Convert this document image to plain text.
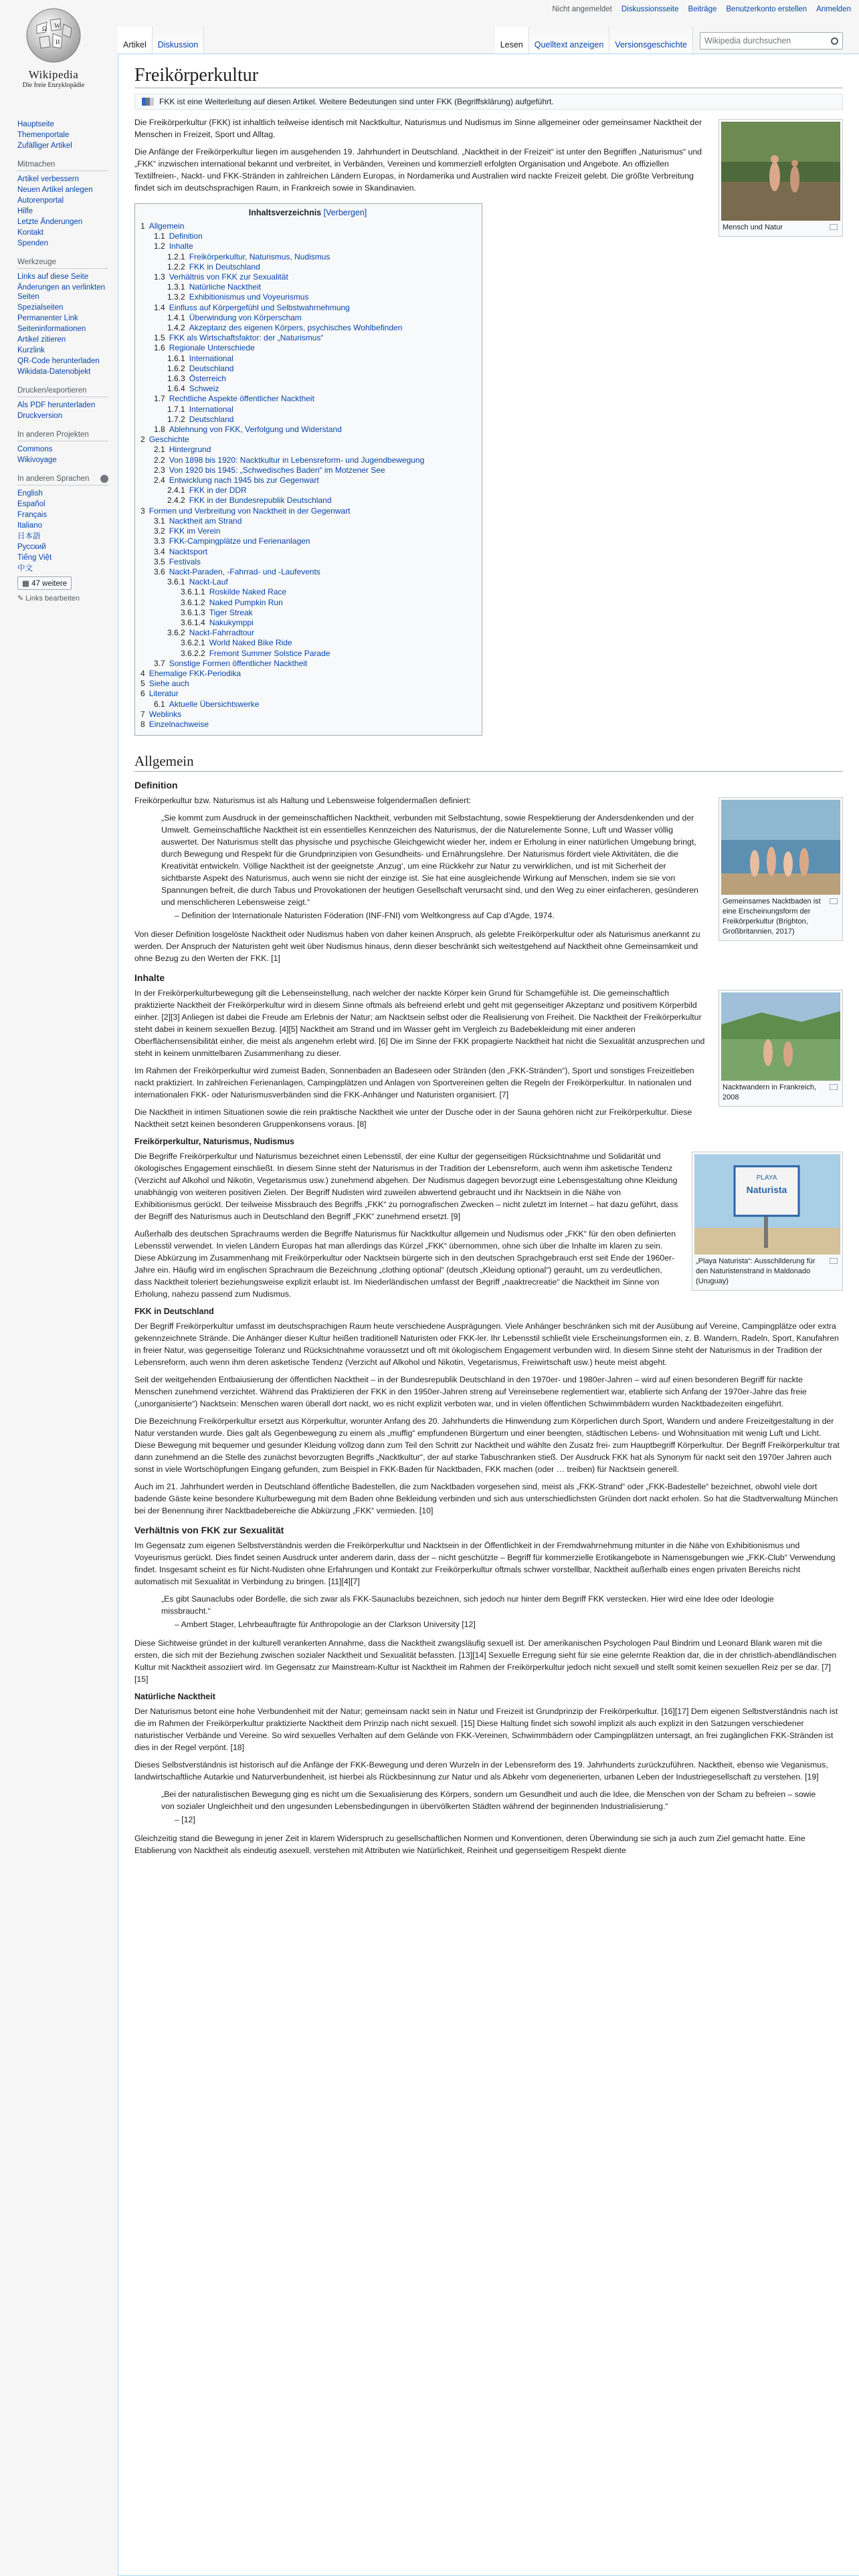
Nicht angemeldet Diskussionsseite Beiträge Benutzerkonto erstellen Anmelden
Ω W
И
Wikipedia
Die freie Enzyklopädie
Hauptseite
Themenportale
Zufälliger Artikel
Mitmachen
Artikel verbessern
Neuen Artikel anlegen
Autorenportal
Hilfe
Letzte Änderungen
Kontakt
Spenden
Werkzeuge
Links auf diese Seite
Änderungen an verlinkten Seiten
Spezialseiten
Permanenter Link
Seiteninformationen
Artikel zitieren
Kurzlink
QR-Code herunterladen
Wikidata-Datenobjekt
Drucken/exportieren
Als PDF herunterladen
Druckversion
In anderen Projekten
Commons
Wikivoyage
In anderen Sprachen
English
Español
Français
Italiano
日本語
Русский
Tiếng Việt
中文
▦ 47 weitere
✎ Links bearbeiten
Artikel	Diskussion	Lesen	Quelltext anzeigen	Versionsgeschichte	Wikipedia durchsuchen
Freikörperkultur
FKK ist eine Weiterleitung auf diesen Artikel. Weitere Bedeutungen sind unter FKK (Begriffsklärung) aufgeführt.
Mensch und Natur

Die Freikörperkultur (FKK) ist inhaltlich teilweise identisch mit Nacktkultur, Naturismus und Nudismus im Sinne allgemeiner oder gemeinsamer Nacktheit der Menschen in Freizeit, Sport und Alltag.

Die Anfänge der Freikörperkultur liegen im ausgehenden 19. Jahrhundert in Deutschland. „Nacktheit in der Freizeit“ ist unter den Begriffen „Naturismus“ und „FKK“ inzwischen international bekannt und verbreitet, in Verbänden, Vereinen und kommerziell erfolgten Organisation und Angebote. An offiziellen Textilfreien-, Nackt- und FKK-Stränden in zahlreichen Ländern Europas, in Nordamerika und Australien wird nackte Freizeit gelebt. Die größte Verbreitung findet sich im deutschsprachigen Raum, in Frankreich sowie in Skandinavien.

Inhaltsverzeichnis [Verbergen]
1 Allgemein
1.1 Definition
1.2 Inhalte
1.2.1 Freikörperkultur, Naturismus, Nudismus
1.2.2 FKK in Deutschland
1.3 Verhältnis von FKK zur Sexualität
1.3.1 Natürliche Nacktheit
1.3.2 Exhibitionismus und Voyeurismus
1.4 Einfluss auf Körpergefühl und Selbstwahrnehmung
1.4.1 Überwindung von Körperscham
1.4.2 Akzeptanz des eigenen Körpers, psychisches Wohlbefinden
1.5 FKK als Wirtschaftsfaktor: der „Naturismus“
1.6 Regionale Unterschiede
1.6.1 International
1.6.2 Deutschland
1.6.3 Österreich
1.6.4 Schweiz
1.7 Rechtliche Aspekte öffentlicher Nacktheit
1.7.1 International
1.7.2 Deutschland
1.8 Ablehnung von FKK, Verfolgung und Widerstand
2 Geschichte
2.1 Hintergrund
2.2 Von 1898 bis 1920: Nacktkultur in Lebensreform- und Jugendbewegung
2.3 Von 1920 bis 1945: „Schwedisches Baden“ im Motzener See
2.4 Entwicklung nach 1945 bis zur Gegenwart
2.4.1 FKK in der DDR
2.4.2 FKK in der Bundesrepublik Deutschland
3 Formen und Verbreitung von Nacktheit in der Gegenwart
3.1 Nacktheit am Strand
3.2 FKK im Verein
3.3 FKK-Campingplätze und Ferienanlagen
3.4 Nacktsport
3.5 Festivals
3.6 Nackt-Paraden, -Fahrrad- und -Laufevents
3.6.1 Nackt-Lauf
3.6.1.1 Roskilde Naked Race
3.6.1.2 Naked Pumpkin Run
3.6.1.3 Tiger Streak
3.6.1.4 Nakukymppi
3.6.2 Nackt-Fahrradtour
3.6.2.1 World Naked Bike Ride
3.6.2.2 Fremont Summer Solstice Parade
3.7 Sonstige Formen öffentlicher Nacktheit
4 Ehemalige FKK-Periodika
5 Siehe auch
6 Literatur
6.1 Aktuelle Übersichtswerke
7 Weblinks
8 Einzelnachweise
Allgemein
Definition
Gemeinsames Nacktbaden ist eine Erscheinungsform der Freikörperkultur (Brighton, Großbritannien, 2017)

Freikörperkultur bzw. Naturismus ist als Haltung und Lebensweise folgendermaßen definiert:

„Sie kommt zum Ausdruck in der gemeinschaftlichen Nacktheit, verbunden mit Selbstachtung, sowie Respektierung der Andersdenkenden und der Umwelt. Gemeinschaftliche Nacktheit ist ein essentielles Kennzeichen des Naturismus, der die Naturelemente Sonne, Luft und Wasser völlig auswertet. Der Naturismus stellt das physische und psychische Gleichgewicht wieder her, indem er Erholung in einer natürlichen Umgebung bringt, durch Bewegung und Respekt für die Grundprinzipien von Gesundheits- und Ernährungslehre. Der Naturismus fördert viele Aktivitäten, die die Kreativität entwickeln. Völlige Nacktheit ist der geeignetste ‚Anzug‘, um eine Rückkehr zur Natur zu verwirklichen, und ist mit Sicherheit der sichtbarste Aspekt des Naturismus, auch wenn sie nicht der einzige ist. Sie hat eine ausgleichende Wirkung auf Menschen, indem sie sie von Spannungen befreit, die durch Tabus und Provokationen der heutigen Gesellschaft verursacht sind, und den Weg zu einer einfacheren, gesünderen und menschlicheren Lebensweise zeigt.“
– Definition der Internationale Naturisten Föderation (INF-FNI) vom Weltkongress auf Cap d’Agde, 1974.

Von dieser Definition losgelöste Nacktheit oder Nudismus haben von daher keinen Anspruch, als gelebte Freikörperkultur oder als Naturismus anerkannt zu werden. Der Anspruch der Naturisten geht weit über Nudismus hinaus, denn dieser beschränkt sich weitestgehend auf Nacktheit ohne Gemeinsamkeit und ohne Bezug zu den Werten der FKK. [1]

Inhalte
Nacktwandern in Frankreich, 2008

In der Freikörperkulturbewegung gilt die Lebenseinstellung, nach welcher der nackte Körper kein Grund für Schamgefühle ist. Die gemeinschaftlich praktizierte Nacktheit der Freikörperkultur wird in diesem Sinne oftmals als befreiend erlebt und geht mit gegenseitiger Akzeptanz und positivem Körperbild einher. [2][3] Anliegen ist dabei die Freude am Erlebnis der Natur; am Nacktsein selbst oder die Realisierung von Freiheit. Die Nacktheit der Freikörperkultur steht dabei in keinem sexuellen Bezug. [4][5] Nacktheit am Strand und im Wasser geht im Vergleich zu Badebekleidung mit einer anderen Oberflächensensibilität einher, die meist als angenehm erlebt wird. [6] Die im Sinne der FKK propagierte Nacktheit hat nicht die Sexualität anzusprechen und steht in keinem unmittelbaren Zusammenhang zu dieser.

Im Rahmen der Freikörperkultur wird zumeist Baden, Sonnenbaden an Badeseen oder Stränden (den „FKK-Stränden“), Sport und sonstiges Freizeitleben nackt praktiziert. In zahlreichen Ferienanlagen, Campingplätzen und Anlagen von Sportvereinen gelten die Regeln der Freikörperkultur. In nationalen und internationalen FKK- oder Naturismusverbänden sind die FKK-Anhänger und Naturisten organisiert. [7]

Die Nacktheit in intimen Situationen sowie die rein praktische Nacktheit wie unter der Dusche oder in der Sauna gehören nicht zur Freikörperkultur. Diese Nacktheit setzt keinen besonderen Gruppenkonsens voraus. [8]

Freikörperkultur, Naturismus, Nudismus
PLAYA
Naturista
„Playa Naturista“: Ausschilderung für den Naturistenstrand in Maldonado (Uruguay)

Die Begriffe Freikörperkultur und Naturismus bezeichnet einen Lebensstil, der eine Kultur der gegenseitigen Rücksichtnahme und Solidarität und ökologisches Engagement einschließt. In diesem Sinne steht der Naturismus in der Tradition der Lebensreform, auch wenn ihm asketische Tendenz (Verzicht auf Alkohol und Nikotin, Vegetarismus usw.) zunehmend abgehen. Der Nudismus dagegen bevorzugt eine Lebensgestaltung ohne Kleidung unabhängig von weiteren positiven Zielen. Der Begriff Nudisten wird zuweilen abwertend gebraucht und ihr Nacktsein in die Nähe von Exhibitionismus gerückt. Der teilweise Missbrauch des Begriffs „FKK“ zu pornografischen Zwecken – nicht zuletzt im Internet – hat dazu geführt, dass der Begriff des Naturismus auch in Deutschland den Begriff „FKK“ zunehmend ersetzt. [9]

Außerhalb des deutschen Sprachraums werden die Begriffe Naturismus für Nacktkultur allgemein und Nudismus oder „FKK“ für den oben definierten Lebensstil verwendet. In vielen Ländern Europas hat man allerdings das Kürzel „FKK“ übernommen, ohne sich über die Inhalte im klaren zu sein. Diese Abkürzung im Zusammenhang mit Freikörperkultur oder Nacktsein bürgerte sich in den deutschen Sprachgebrauch erst seit Ende der 1960er-Jahre ein. Häufig wird im englischen Sprachraum die Bezeichnung „clothing optional“ (deutsch „Kleidung optional“) gerauht, um zu verdeutlichen, dass Nacktheit toleriert beziehungsweise explizit erlaubt ist. Im Niederländischen umfasst der Begriff „naaktrecreatie“ die Nacktheit im Sinne von Erholung, nahezu passend zum Nudismus.

FKK in Deutschland

Der Begriff Freikörperkultur umfasst im deutschsprachigen Raum heute verschiedene Ausprägungen. Viele Anhänger beschränken sich mit der Ausübung auf Vereine, Campingplätze oder extra gekennzeichnete Strände. Die Anhänger dieser Kultur heißen traditionell Naturisten oder FKK-ler. Ihr Lebensstil schließt viele Erscheinungsformen ein, z. B. Wandern, Radeln, Sport, Kanufahren in freier Natur, was gegenseitige Toleranz und Rücksichtnahme voraussetzt und oft mit ökologischem Engagement verbunden wird. In diesem Sinne steht der Naturismus in der Tradition der Lebensreform, auch wenn ihm deren asketische Tendenz (Verzicht auf Alkohol und Nikotin, Vegetarismus, Freiwirtschaft usw.) heute meist abgeht.

Seit der weitgehenden Entbaiusierung der öffentlichen Nacktheit – in der Bundesrepublik Deutschland in den 1970er- und 1980er-Jahren – wird auf einen besonderen Begriff für nackte Menschen zunehmend verzichtet. Während das Praktizieren der FKK in den 1950er-Jahren streng auf Vereinsebene reglementiert war, etablierte sich Anfang der 1970er-Jahre das freie („unorganisierte“) Nacktsein: Menschen waren überall dort nackt, wo es nicht explizit verboten war, und in vielen öffentlichen Schwimmbädern wurden Nacktbadezeiten eingeführt.

Die Bezeichnung Freikörperkultur ersetzt aus Körperkultur, worunter Anfang des 20. Jahrhunderts die Hinwendung zum Körperlichen durch Sport, Wandern und andere Freizeitgestaltung in der Natur verstanden wurde. Dies galt als Gegenbewegung zu einem als „muffig“ empfundenen Bürgertum und einer beengten, städtischen Lebens- und Wohnsituation mit wenig Luft und Licht. Diese Bewegung mit bequemer und gesunder Kleidung vollzog dann zum Teil den Schritt zur Nacktheit und wählte den Zusatz frei- zum Hauptbegriff Körperkultur. Der Begriff Freikörperkultur trat dann zunehmend an die Stelle des zunächst bevorzugten Begriffs „Nacktkultur“, der auf starke Tabuschranken stieß. Der Ausdruck FKK hat als Synonym für nackt seit den 1970er Jahren auch sonst in viele Wortschöpfungen Eingang gefunden, zum Beispiel in FKK-Baden für Nacktbaden, FKK machen (oder … treiben) für Nacktsein generell.

Auch im 21. Jahrhundert werden in Deutschland öffentliche Badestellen, die zum Nacktbaden vorgesehen sind, meist als „FKK-Strand“ oder „FKK-Badestelle“ bezeichnet, obwohl viele dort badende Gäste keine besondere Kulturbewegung mit dem Baden ohne Bekleidung verbinden und sich aus unterschiedlichsten Gründen dort nackt erholen. So hat die Stadtverwaltung München bei der Benennung ihrer Nacktbadebereiche die Abkürzung „FKK“ vermieden. [10]

Verhältnis von FKK zur Sexualität

Im Gegensatz zum eigenen Selbstverständnis werden die Freikörperkultur und Nacktsein in der Öffentlichkeit in der Fremdwahrnehmung mitunter in die Nähe von Exhibitionismus und Voyeurismus gerückt. Dies findet seinen Ausdruck unter anderem darin, dass der – nicht geschützte – Begriff für kommerzielle Erotikangebote in Namensgebungen wie „FKK-Club“ Verwendung findet. Insgesamt scheint es für Nicht-Nudisten ohne Erfahrungen und Kontakt zur Freikörperkultur oftmals schwer vorstellbar, Nacktheit außerhalb eines engen privaten Bereichs nicht automatisch mit Sexualität in Verbindung zu bringen. [11][4][7]

„Es gibt Saunaclubs oder Bordelle, die sich zwar als FKK-Saunaclubs bezeichnen, sich jedoch nur hinter dem Begriff FKK verstecken. Hier wird eine Idee oder Ideologie missbraucht.“
– Ambert Stager, Lehrbeauftragte für Anthropologie an der Clarkson University [12]

Diese Sichtweise gründet in der kulturell verankerten Annahme, dass die Nacktheit zwangsläufig sexuell ist. Der amerikanischen Psychologen Paul Bindrim und Leonard Blank waren mit die ersten, die sich mit der Beziehung zwischen sozialer Nacktheit und Sexualität befassten. [13][14] Sexuelle Erregung sieht für sie eine gelernte Reaktion dar, die in der christlich-abendländischen Kultur mit Nacktheit assoziiert wird. Im Gegensatz zur Mainstream-Kultur ist Nacktheit im Rahmen der Freikörperkultur jedoch nicht sexuell und stellt somit keinen sexuellen Reiz per se dar. [7][15]

Natürliche Nacktheit

Der Naturismus betont eine hohe Verbundenheit mit der Natur; gemeinsam nackt sein in Natur und Freizeit ist Grundprinzip der Freikörperkultur. [16][17] Dem eigenen Selbstverständnis nach ist die im Rahmen der Freikörperkultur praktizierte Nacktheit dem Prinzip nach nicht sexuell. [15] Diese Haltung findet sich sowohl implizit als auch explizit in den Satzungen verschiedener naturistischer Verbände und Vereine. So wird sexuelles Verhalten auf dem Gelände von FKK-Vereinen, Schwimmbädern oder Campingplätzen untersagt, an frei zugänglichen FKK-Stränden ist dies in der Regel verpönt. [18]

Dieses Selbstverständnis ist historisch auf die Anfänge der FKK-Bewegung und deren Wurzeln in der Lebensreform des 19. Jahrhunderts zurückzuführen. Nacktheit, ebenso wie Veganismus, landwirtschaftliche Autarkie und Naturverbundenheit, ist hierbei als Rückbesinnung zur Natur und als Abkehr vom degenerierten, urbanen Leben der Industriegesellschaft zu verstehen. [19]

„Bei der naturalistischen Bewegung ging es nicht um die Sexualisierung des Körpers, sondern um Gesundheit und auch die Idee, die Menschen von der Scham zu befreien – sowie von sozialer Ungleichheit und den ungesunden Lebensbedingungen in übervölkerten Städten während der beginnenden Industrialisierung.“
– [12]

Gleichzeitig stand die Bewegung in jener Zeit in klarem Widerspruch zu gesellschaftlichen Normen und Konventionen, deren Überwindung sie sich ja auch zum Ziel gemacht hatte. Eine Etablierung von Nacktheit als eindeutig asexuell, verstehen mit Attributen wie Natürlichkeit, Reinheit und gegenseitigem Respekt diente
